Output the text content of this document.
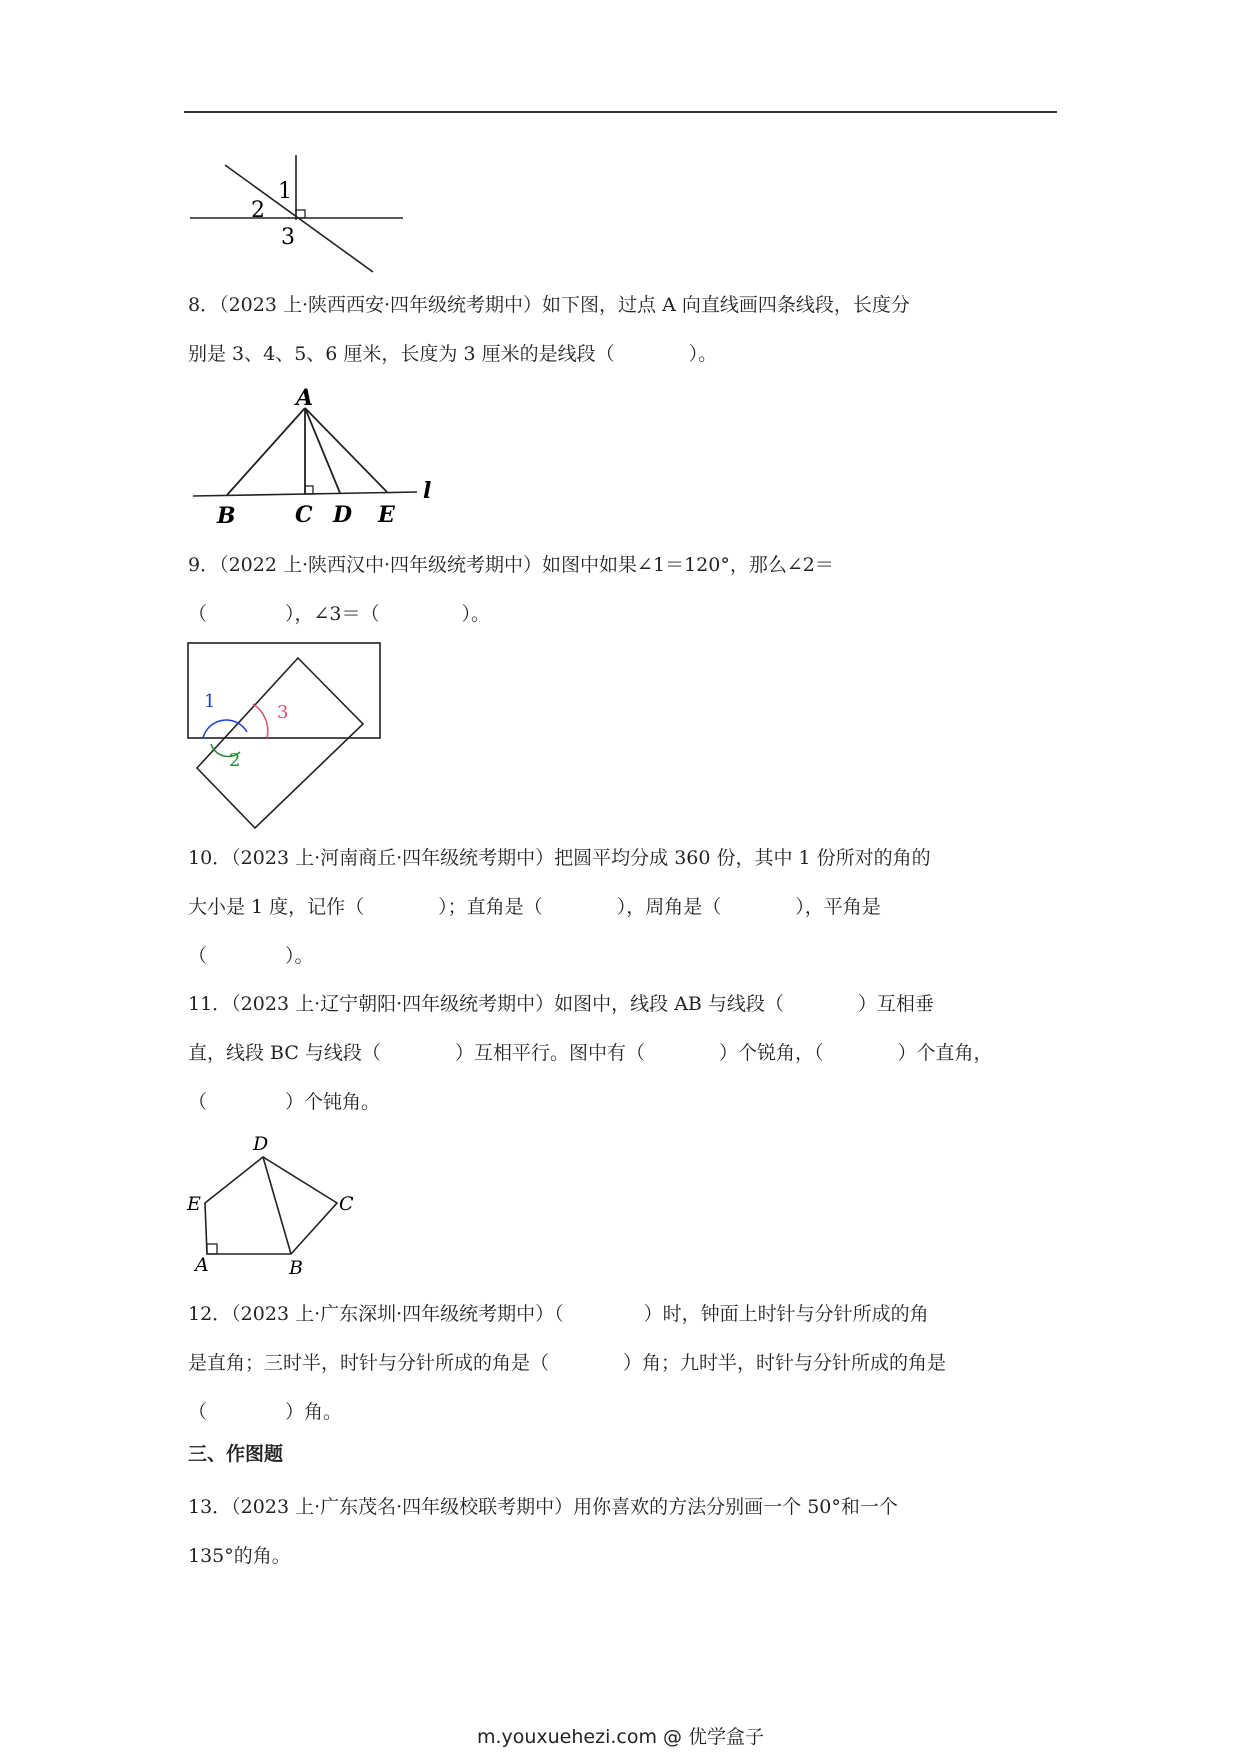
1
2
3

8．（2023 上·陕西西安·四年级统考期中）如下图，过点 A 向直线画四条线段，长度分

别是 3、4、5、6 厘米，长度为 3 厘米的是线段（	）。

A
B	C D E
l

9．（2022 上·陕西汉中·四年级统考期中）如图中如果∠1＝120°，那么∠2＝

（	），∠3＝（	）。

1
2
3

10．（2023 上·河南商丘·四年级统考期中）把圆平均分成 360 份，其中 1 份所对的角的

大小是 1 度，记作（	）；直角是（	），周角是（	），平角是

（	）。

11．（2023 上·辽宁朝阳·四年级统考期中）如图中，线段 AB 与线段（	）互相垂

直，线段 BC 与线段（	）互相平行。图中有（	）个锐角，（	）个直角，

（	）个钝角。

D
E	C
A	B

12．（2023 上·广东深圳·四年级统考期中）（	）时，钟面上时针与分针所成的角

是直角；三时半，时针与分针所成的角是（	）角；九时半，时针与分针所成的角是

（	）角。

三、作图题

13．（2023 上·广东茂名·四年级校联考期中）用你喜欢的方法分别画一个 50°和一个

135°的角。

m.youxuehezi.com @ 优学盒子
